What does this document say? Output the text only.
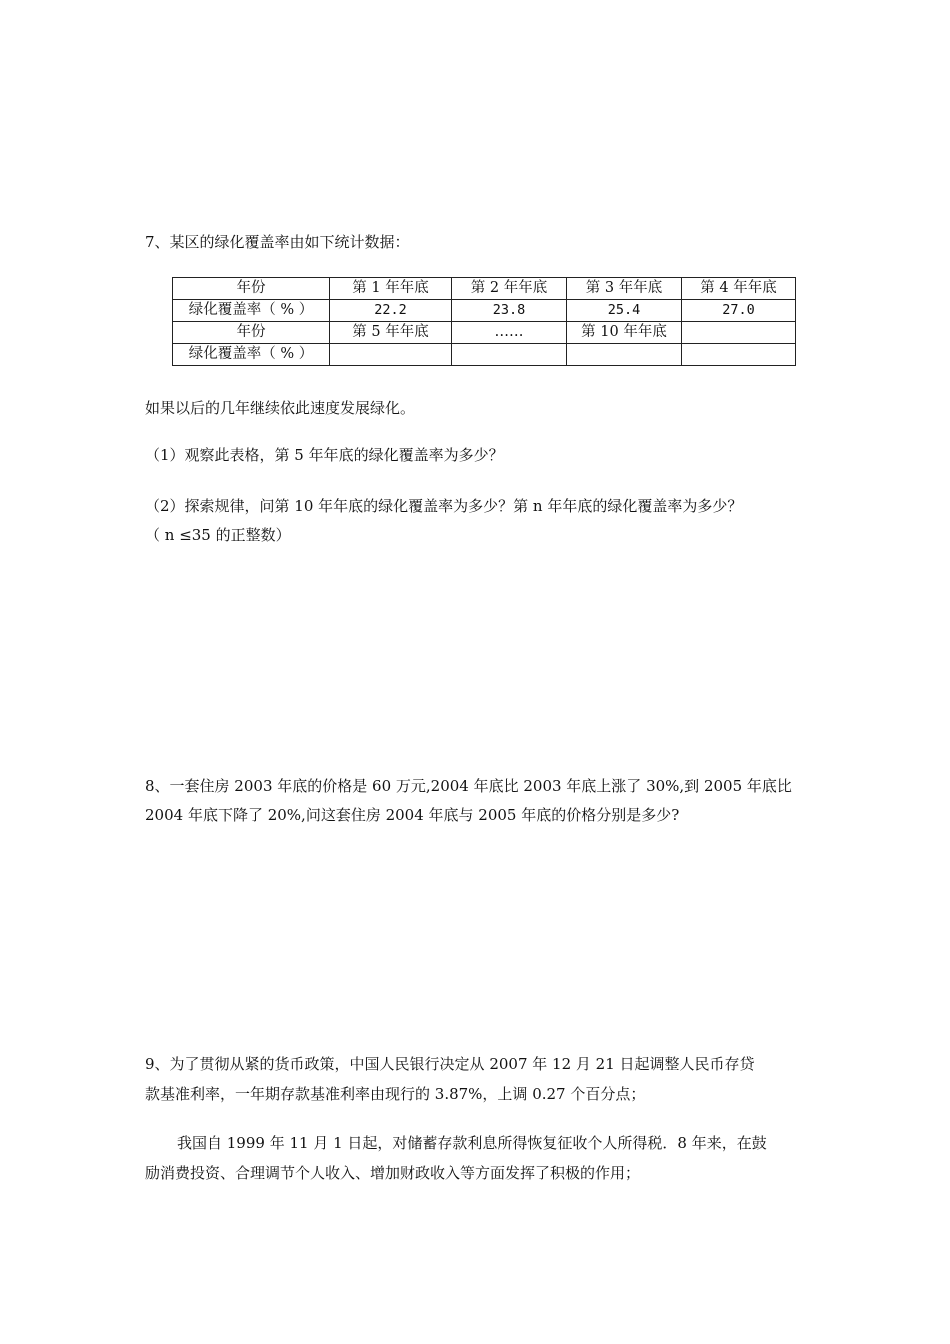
7、某区的绿化覆盖率由如下统计数据：

年份	第 1 年年底	第 2 年年底	第 3 年年底	第 4 年年底
绿化覆盖率（ % ）	22.2	23.8	25.4	27.0
年份	第 5 年年底	……	第 10 年年底	
绿化覆盖率（ % ）				

如果以后的几年继续依此速度发展绿化。

（1）观察此表格，第 5 年年底的绿化覆盖率为多少？

（2）探索规律，问第 10 年年底的绿化覆盖率为多少？第 n 年年底的绿化覆盖率为多少？

（ n ≤35 的正整数）

8、一套住房 2003 年底的价格是 60 万元,2004 年底比 2003 年底上涨了 30%,到 2005 年底比

2004 年底下降了 20%,问这套住房 2004 年底与 2005 年底的价格分别是多少?

9、为了贯彻从紧的货币政策，中国人民银行决定从 2007 年 12 月 21 日起调整人民币存贷

款基准利率，一年期存款基准利率由现行的 3.87%，上调 0.27 个百分点；

我国自 1999 年 11 月 1 日起，对储蓄存款利息所得恢复征收个人所得税．8 年来，在鼓

励消费投资、合理调节个人收入、增加财政收入等方面发挥了积极的作用；
